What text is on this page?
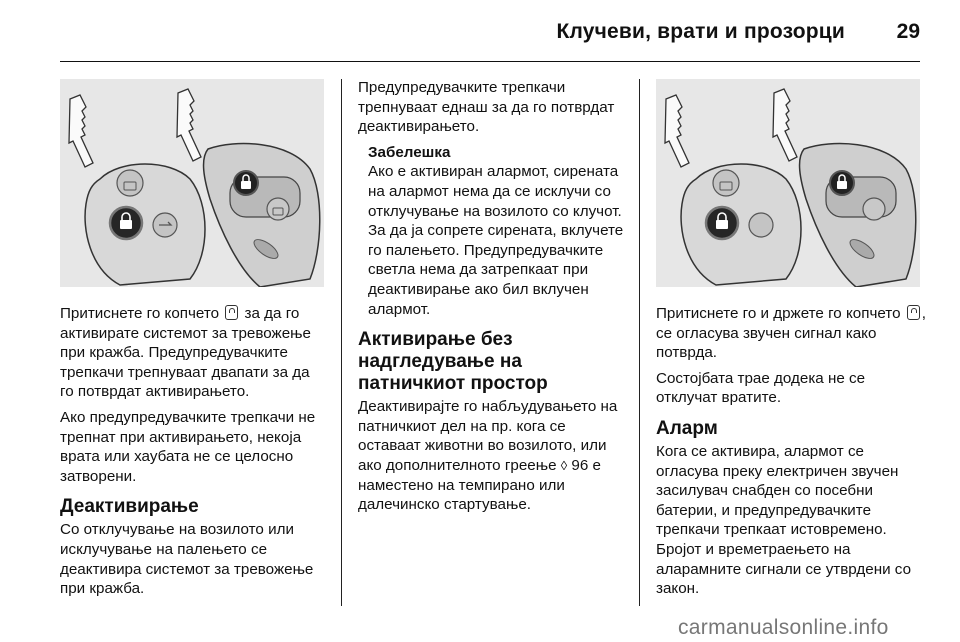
Клучеви, врати и прозорци 29

Притиснете го копчето  за да го активирате системот за тревожење при кражба. Предупредувачките трепкачи трепнуваат двапати за да го потврдат активирањето.

Ако предупредувачките трепкачи не трепнат при активирањето, некоја врата или хаубата не се целосно затворени.

Деактивирање

Со отклучување на возилото или исклучување на палењето се деактивира системот за тревожење при кражба.

Предупредувачките трепкачи трепнуваат еднаш за да го потврдат деактивирањето.

Забелешка

Ако е активиран алармот, сирената на алармот нема да се исклучи со отклучување на возилото со клучот. За да ја сопрете сирената, вклучете го палењето. Предупредувачките светла нема да затрепкаат при деактивирање ако бил вклучен алармот.

Активирање без надгледување на патничкиот простор

Деактивирајте го набљудувањето на патничкиот дел на пр. кога се оставаат животни во возилото, или ако дополнителното греење ◊ 96 е наместено на темпирано или далечинско стартување.

Притиснете го и држете го копчето , се огласува звучен сигнал како потврда.

Состојбата трае додека не се отклучат вратите.

Аларм

Кога се активира, алармот се огласува преку електричен звучен засилувач снабден со посебни батерии, и предупредувачките трепкачи трепкаат истовремено. Бројот и времетраењето на аларамните сигнали се утврдени со закон.

carmanualsonline.info
